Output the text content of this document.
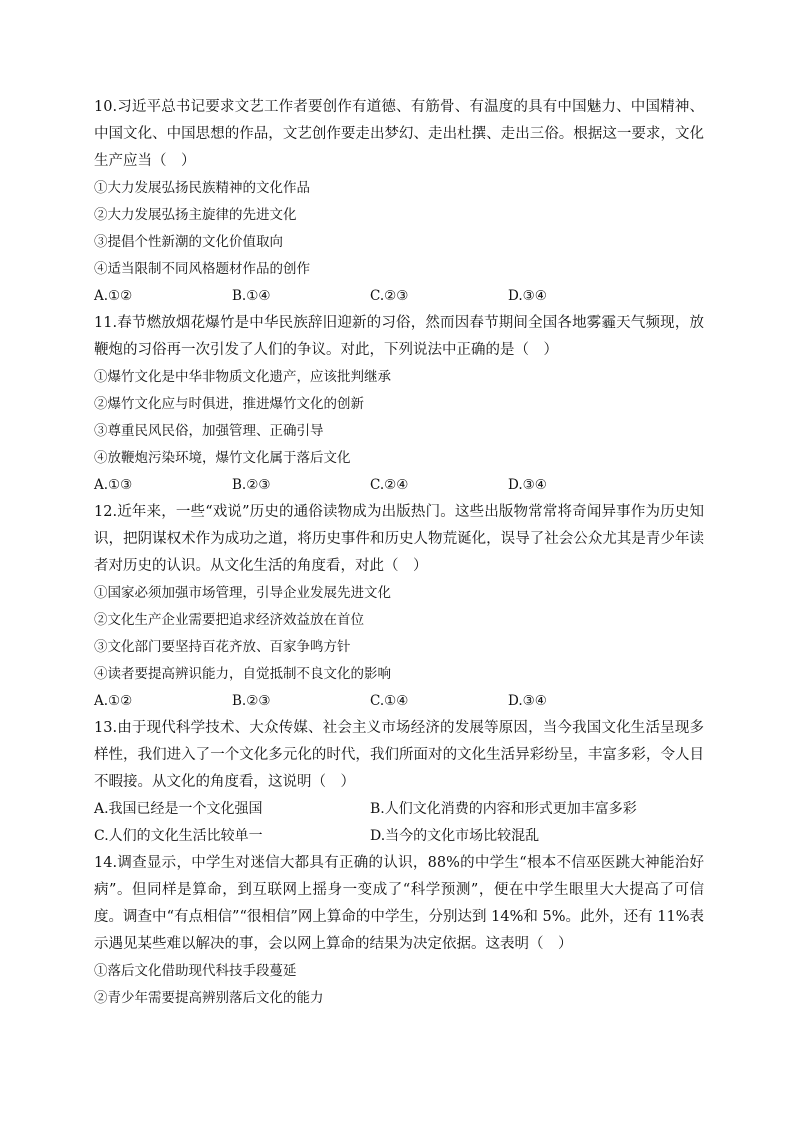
10.习近平总书记要求文艺工作者要创作有道德、有筋骨、有温度的具有中国魅力、中国精神、中国文化、中国思想的作品，文艺创作要走出梦幻、走出杜撰、走出三俗。根据这一要求，文化生产应当（　）

①大力发展弘扬民族精神的文化作品

②大力发展弘扬主旋律的先进文化

③提倡个性新潮的文化价值取向

④适当限制不同风格题材作品的创作

A.①②	B.①④	C.②③	D.③④

11.春节燃放烟花爆竹是中华民族辞旧迎新的习俗，然而因春节期间全国各地雾霾天气频现，放鞭炮的习俗再一次引发了人们的争议。对此，下列说法中正确的是（　）

①爆竹文化是中华非物质文化遗产，应该批判继承

②爆竹文化应与时俱进，推进爆竹文化的创新

③尊重民风民俗，加强管理、正确引导

④放鞭炮污染环境，爆竹文化属于落后文化

A.①③	B.②③	C.②④	D.③④

12.近年来，一些“戏说”历史的通俗读物成为出版热门。这些出版物常常将奇闻异事作为历史知识，把阴谋权术作为成功之道，将历史事件和历史人物荒诞化，误导了社会公众尤其是青少年读者对历史的认识。从文化生活的角度看，对此（　）

①国家必须加强市场管理，引导企业发展先进文化

②文化生产企业需要把追求经济效益放在首位

③文化部门要坚持百花齐放、百家争鸣方针

④读者要提高辨识能力，自觉抵制不良文化的影响

A.①②	B.②③	C.①④	D.③④

13.由于现代科学技术、大众传媒、社会主义市场经济的发展等原因，当今我国文化生活呈现多样性，我们进入了一个文化多元化的时代，我们所面对的文化生活异彩纷呈，丰富多彩，令人目不暇接。从文化的角度看，这说明（　）

A.我国已经是一个文化强国	B.人们文化消费的内容和形式更加丰富多彩
C.人们的文化生活比较单一	D.当今的文化市场比较混乱

14.调查显示，中学生对迷信大都具有正确的认识，88%的中学生“根本不信巫医跳大神能治好病”。但同样是算命，到互联网上摇身一变成了“科学预测”，便在中学生眼里大大提高了可信度。调查中“有点相信”“很相信”网上算命的中学生，分别达到 14%和 5%。此外，还有 11%表示遇见某些难以解决的事，会以网上算命的结果为决定依据。这表明（　）

①落后文化借助现代科技手段蔓延

②青少年需要提高辨别落后文化的能力
